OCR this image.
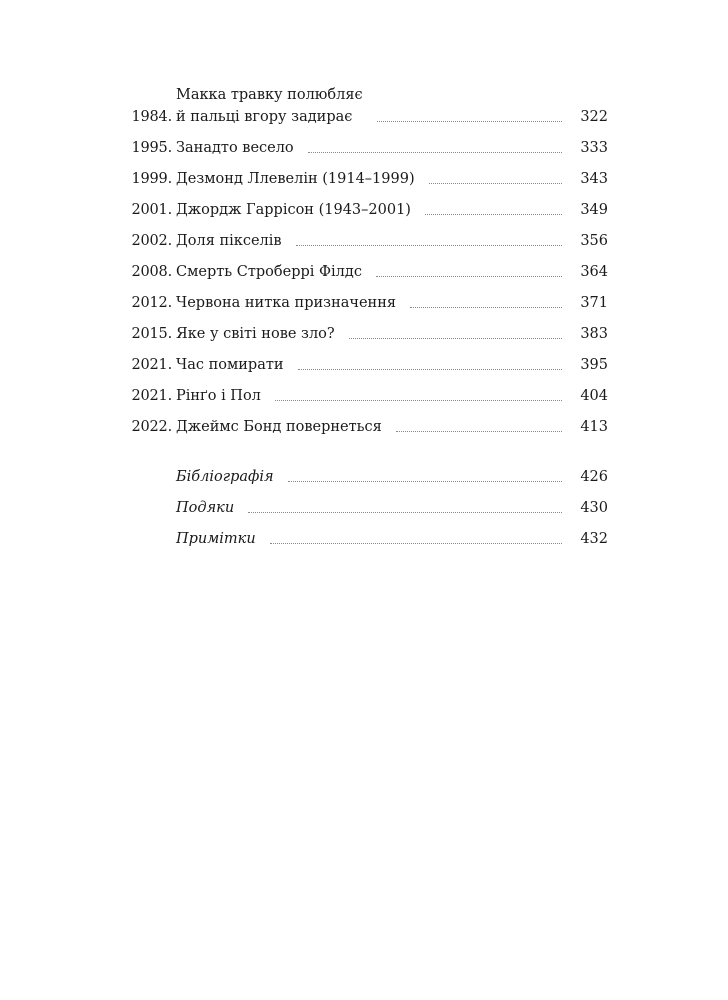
1984.
Макка травку полюбляє
й пальці вгору задирає	322
1995. Занадто весело	333
1999. Дезмонд Ллевелін (1914–1999)	343
2001. Джордж Гаррісон (1943–2001)	349
2002. Доля пікселів	356
2008. Смерть Строберрі Філдс	364
2012. Червона нитка призначення	371
2015. Яке у світі нове зло?	383
2021. Час помирати	395
2021. Рінґо і Пол	404
2022. Джеймс Бонд повернеться	413
Бібліографія	426
Подяки	430
Примітки	432
